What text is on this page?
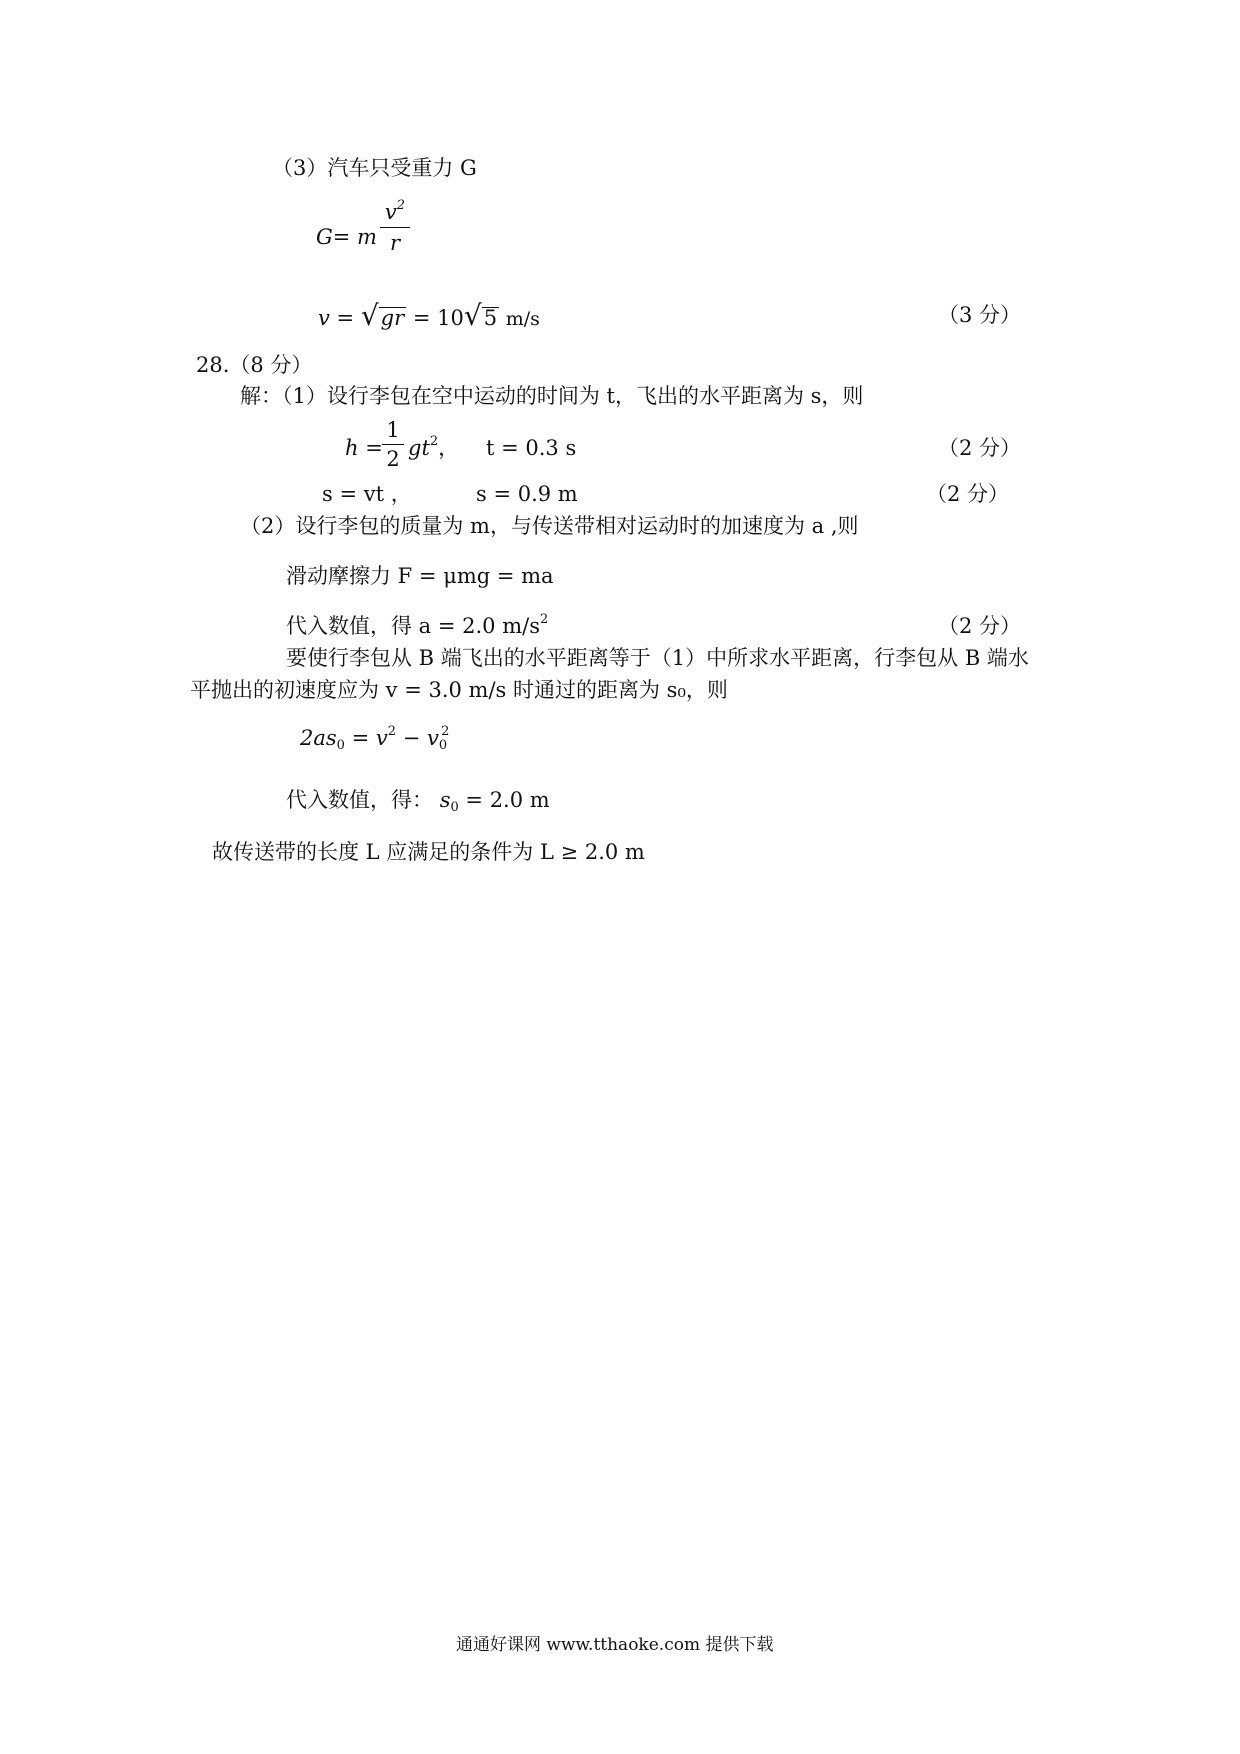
（3）汽车只受重力 G
G= m
$v^2$
r
v = √gr = 10√5 m/s	（3 分）
28.（8 分）
解：（1）设行李包在空中运动的时间为 t，飞出的水平距离为 s，则
h =
1
2 $gt^2$， t = 0.3 s	（2 分）
s = vt ，	s = 0.9 m	（2 分）
（2）设行李包的质量为 m，与传送带相对运动时的加速度为 a ,则
滑动摩擦力 F = μmg = ma
代入数值，得 a = 2.0 $m/s^2$	（2 分）
要使行李包从 B 端飞出的水平距离等于（1）中所求水平距离，行李包从 B 端水
平抛出的初速度应为 v = 3.0 m/s 时通过的距离为 s₀，则
$2as_0 = v^2 - v_0^2$
代入数值，得： $s_0 = 2.0$ m
故传送带的长度 L 应满足的条件为 L ≥ 2.0 m
通通好课网 www.tthaoke.com 提供下载
